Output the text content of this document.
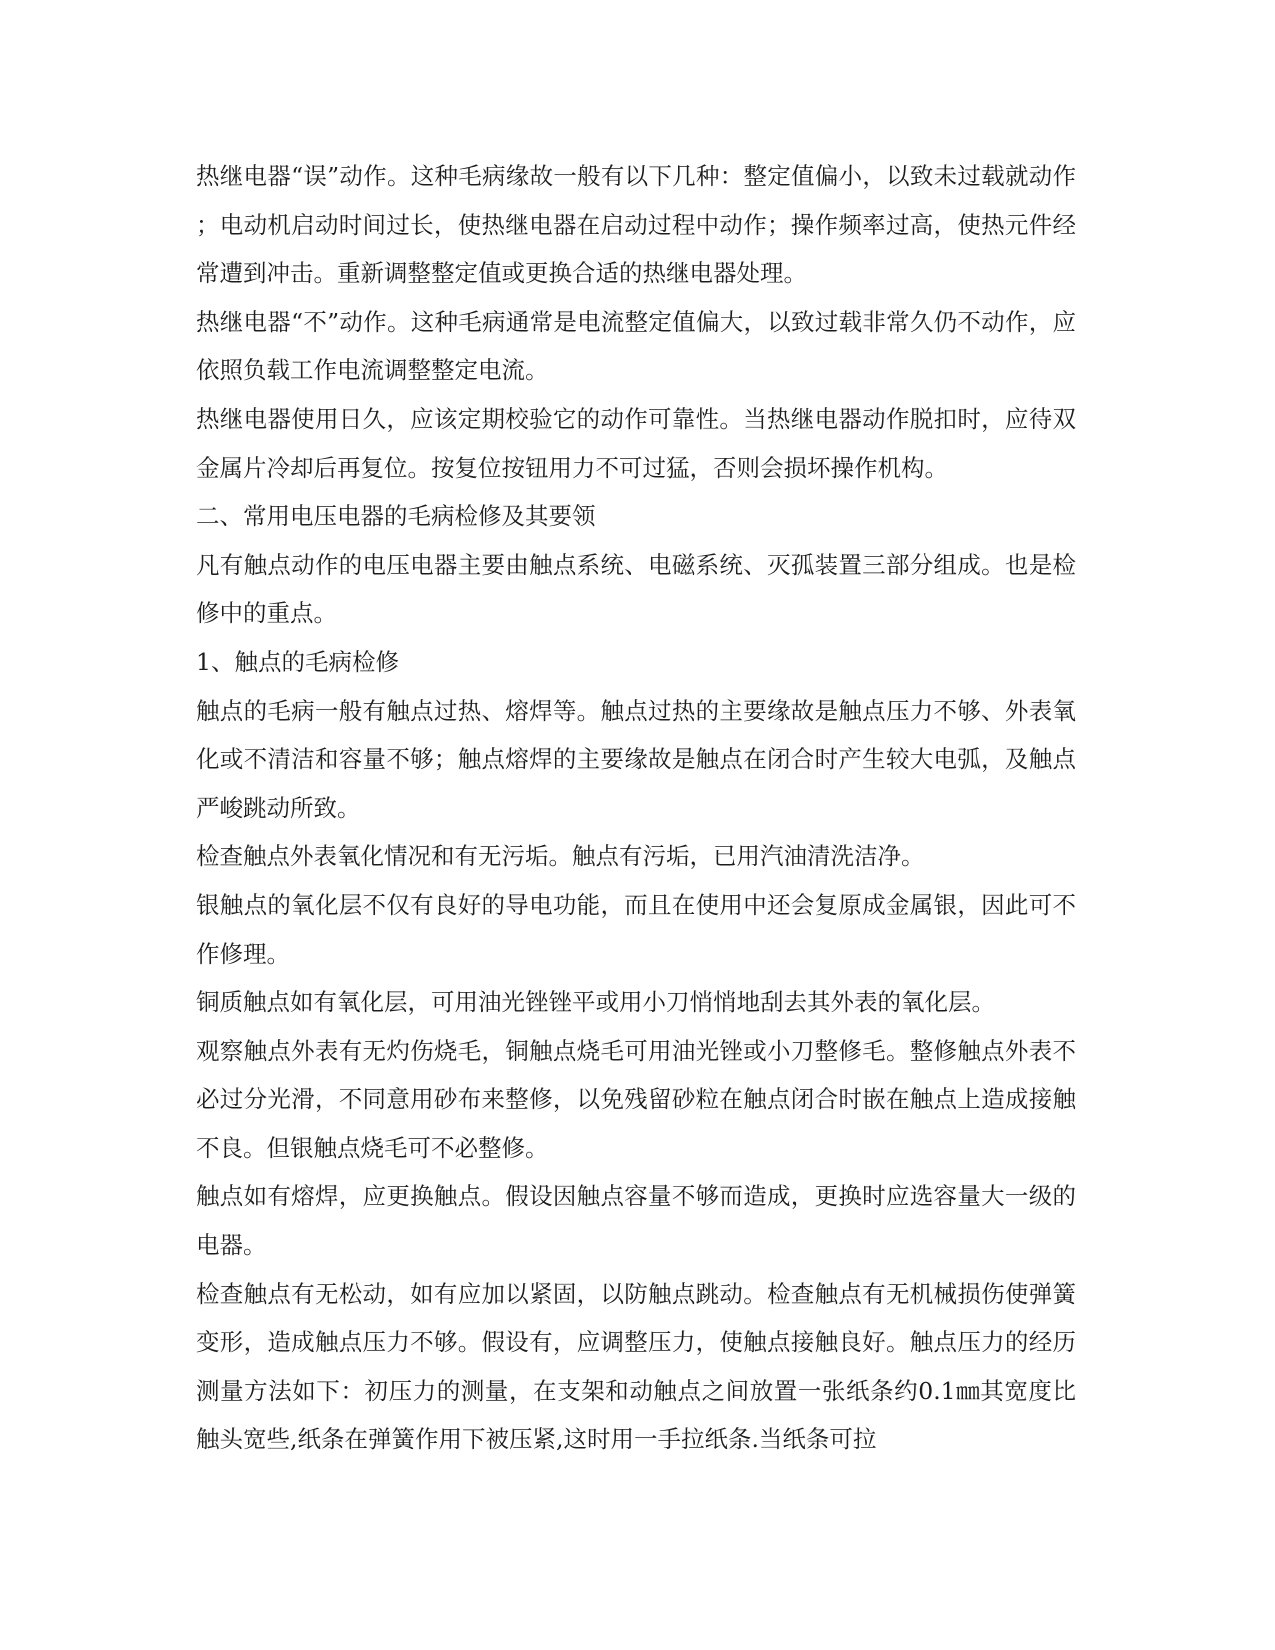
热继电器“误”动作。这种毛病缘故一般有以下几种：整定值偏小，以致未过载就动作；电动机启动时间过长，使热继电器在启动过程中动作；操作频率过高，使热元件经常遭到冲击。重新调整整定值或更换合适的热继电器处理。

热继电器“不”动作。这种毛病通常是电流整定值偏大，以致过载非常久仍不动作，应依照负载工作电流调整整定电流。

热继电器使用日久，应该定期校验它的动作可靠性。当热继电器动作脱扣时，应待双金属片冷却后再复位。按复位按钮用力不可过猛，否则会损坏操作机构。

二、常用电压电器的毛病检修及其要领

凡有触点动作的电压电器主要由触点系统、电磁系统、灭孤装置三部分组成。也是检修中的重点。

1、触点的毛病检修

触点的毛病一般有触点过热、熔焊等。触点过热的主要缘故是触点压力不够、外表氧化或不清洁和容量不够；触点熔焊的主要缘故是触点在闭合时产生较大电弧，及触点严峻跳动所致。

检查触点外表氧化情况和有无污垢。触点有污垢，已用汽油清洗洁净。

银触点的氧化层不仅有良好的导电功能，而且在使用中还会复原成金属银，因此可不作修理。

铜质触点如有氧化层，可用油光锉锉平或用小刀悄悄地刮去其外表的氧化层。

观察触点外表有无灼伤烧毛，铜触点烧毛可用油光锉或小刀整修毛。整修触点外表不必过分光滑，不同意用砂布来整修，以免残留砂粒在触点闭合时嵌在触点上造成接触不良。但银触点烧毛可不必整修。

触点如有熔焊，应更换触点。假设因触点容量不够而造成，更换时应选容量大一级的电器。

检查触点有无松动，如有应加以紧固，以防触点跳动。检查触点有无机械损伤使弹簧变形，造成触点压力不够。假设有，应调整压力，使触点接触良好。触点压力的经历测量方法如下：初压力的测量，在支架和动触点之间放置一张纸条约0.1㎜其宽度比触头宽些,纸条在弹簧作用下被压紧,这时用一手拉纸条.当纸条可拉
